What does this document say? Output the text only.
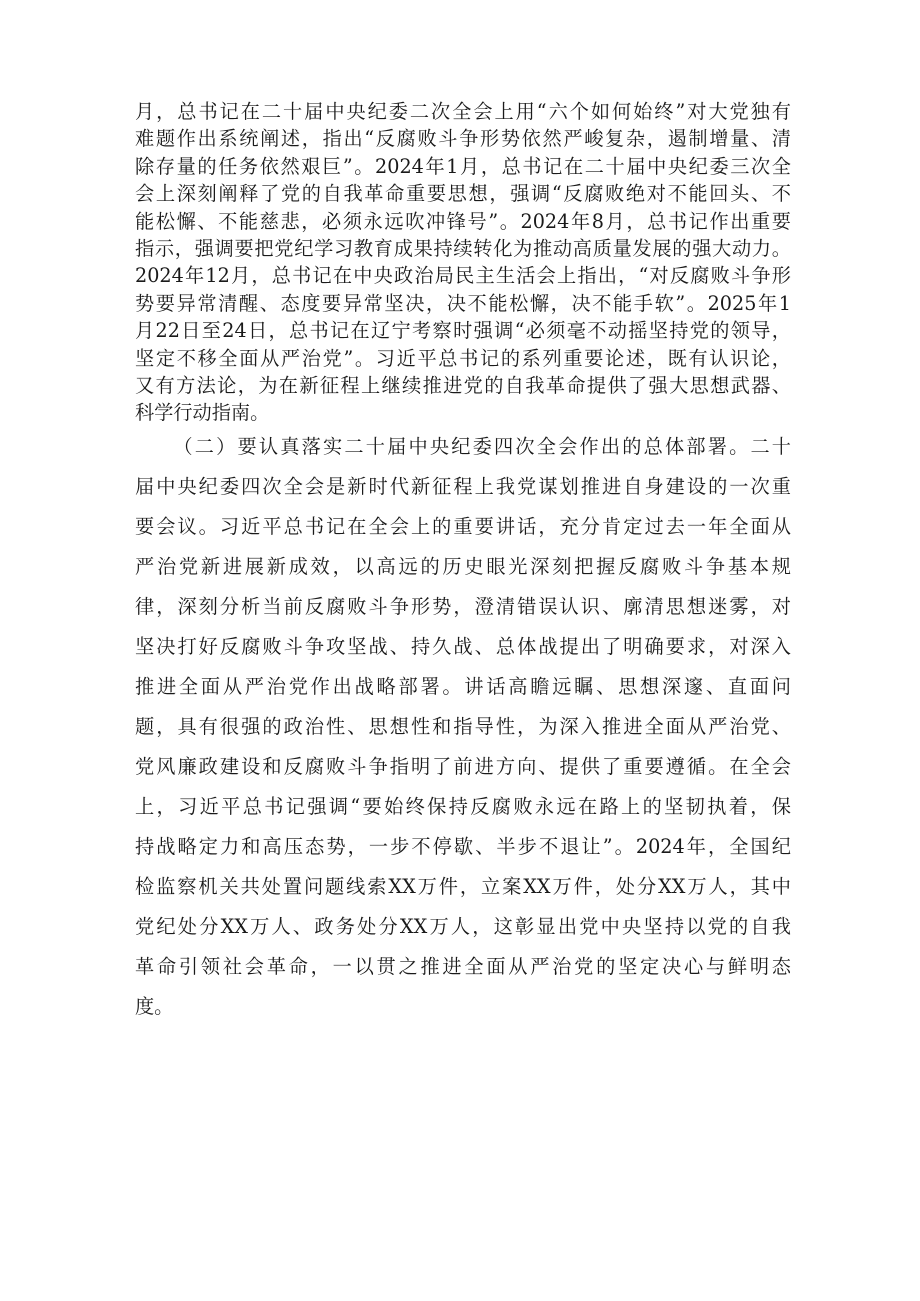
月，总书记在二十届中央纪委二次全会上用“六个如何始终”对大党独有
难题作出系统阐述，指出“反腐败斗争形势依然严峻复杂，遏制增量、清
除存量的任务依然艰巨”。2024年1月，总书记在二十届中央纪委三次全
会上深刻阐释了党的自我革命重要思想，强调“反腐败绝对不能回头、不
能松懈、不能慈悲，必须永远吹冲锋号”。2024年8月，总书记作出重要
指示，强调要把党纪学习教育成果持续转化为推动高质量发展的强大动力。
2024年12月，总书记在中央政治局民主生活会上指出，“对反腐败斗争形
势要异常清醒、态度要异常坚决，决不能松懈，决不能手软”。2025年1
月22日至24日，总书记在辽宁考察时强调“必须毫不动摇坚持党的领导，
坚定不移全面从严治党”。习近平总书记的系列重要论述，既有认识论，
又有方法论，为在新征程上继续推进党的自我革命提供了强大思想武器、
科学行动指南。
（二）要认真落实二十届中央纪委四次全会作出的总体部署。二十
届中央纪委四次全会是新时代新征程上我党谋划推进自身建设的一次重
要会议。习近平总书记在全会上的重要讲话，充分肯定过去一年全面从
严治党新进展新成效，以高远的历史眼光深刻把握反腐败斗争基本规
律，深刻分析当前反腐败斗争形势，澄清错误认识、廓清思想迷雾，对
坚决打好反腐败斗争攻坚战、持久战、总体战提出了明确要求，对深入
推进全面从严治党作出战略部署。讲话高瞻远瞩、思想深邃、直面问
题，具有很强的政治性、思想性和指导性，为深入推进全面从严治党、
党风廉政建设和反腐败斗争指明了前进方向、提供了重要遵循。在全会
上，习近平总书记强调“要始终保持反腐败永远在路上的坚韧执着，保
持战略定力和高压态势，一步不停歇、半步不退让”。2024年，全国纪
检监察机关共处置问题线索XX万件，立案XX万件，处分XX万人，其中
党纪处分XX万人、政务处分XX万人，这彰显出党中央坚持以党的自我
革命引领社会革命，一以贯之推进全面从严治党的坚定决心与鲜明态
度。
